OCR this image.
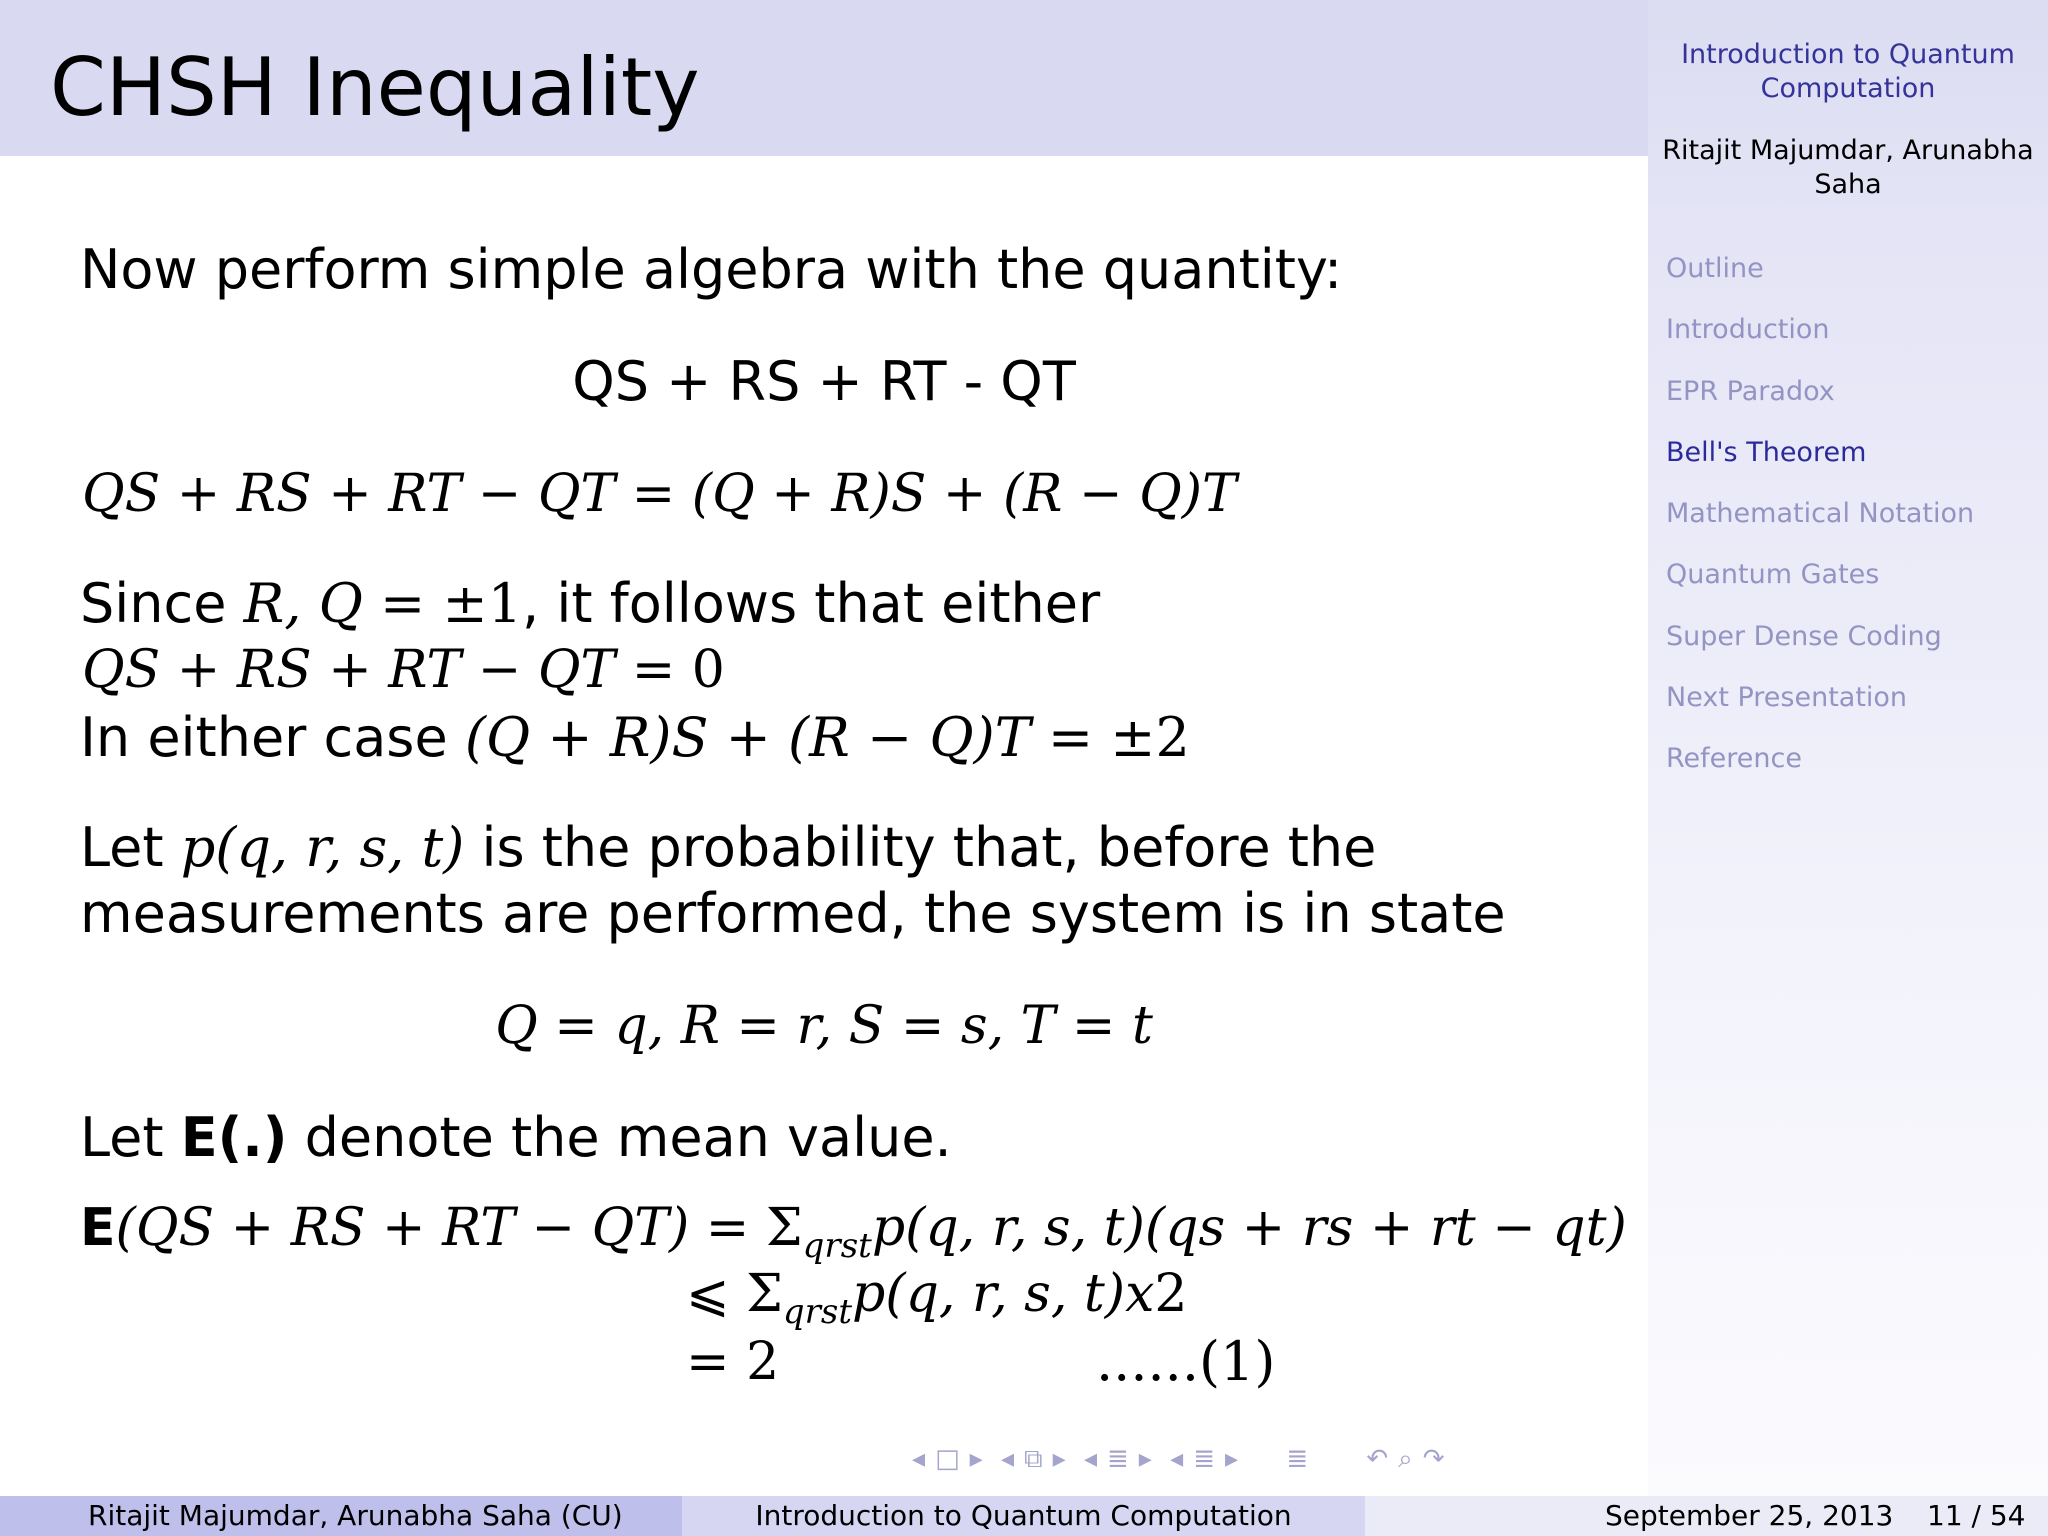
CHSH Inequality	Introduction to Quantum Computation
Ritajit Majumdar, Arunabha Saha
Outline
Introduction
EPR Paradox
Bell's Theorem
Mathematical Notation
Quantum Gates
Super Dense Coding
Next Presentation
Reference
Now perform simple algebra with the quantity:
QS + RS + RT - QT
QS + RS + RT − QT = (Q + R)S + (R − Q)T
Since R, Q = ±1, it follows that either
QS + RS + RT − QT = 0
In either case (Q + R)S + (R − Q)T = ±2
Let p(q, r, s, t) is the probability that, before the
measurements are performed, the system is in state
Q = q, R = r, S = s, T = t
Let E(.) denote the mean value.
E(QS + RS + RT − $QT) = \Sigma_{qrst}p(q$, r, s, t)(qs + rs + rt − qt)
⩽ $\Sigma_{qrst}p(q$, r, s, t)x2
= 2	......(1)
◂ □ ▸ ◂ ⧉ ▸ ◂ ≣ ▸ ◂ ≣ ▸ ≣ ↶ ⌕ ↷
Ritajit Majumdar, Arunabha Saha (CU)	Introduction to Quantum Computation	September 25, 2013 11 / 54
